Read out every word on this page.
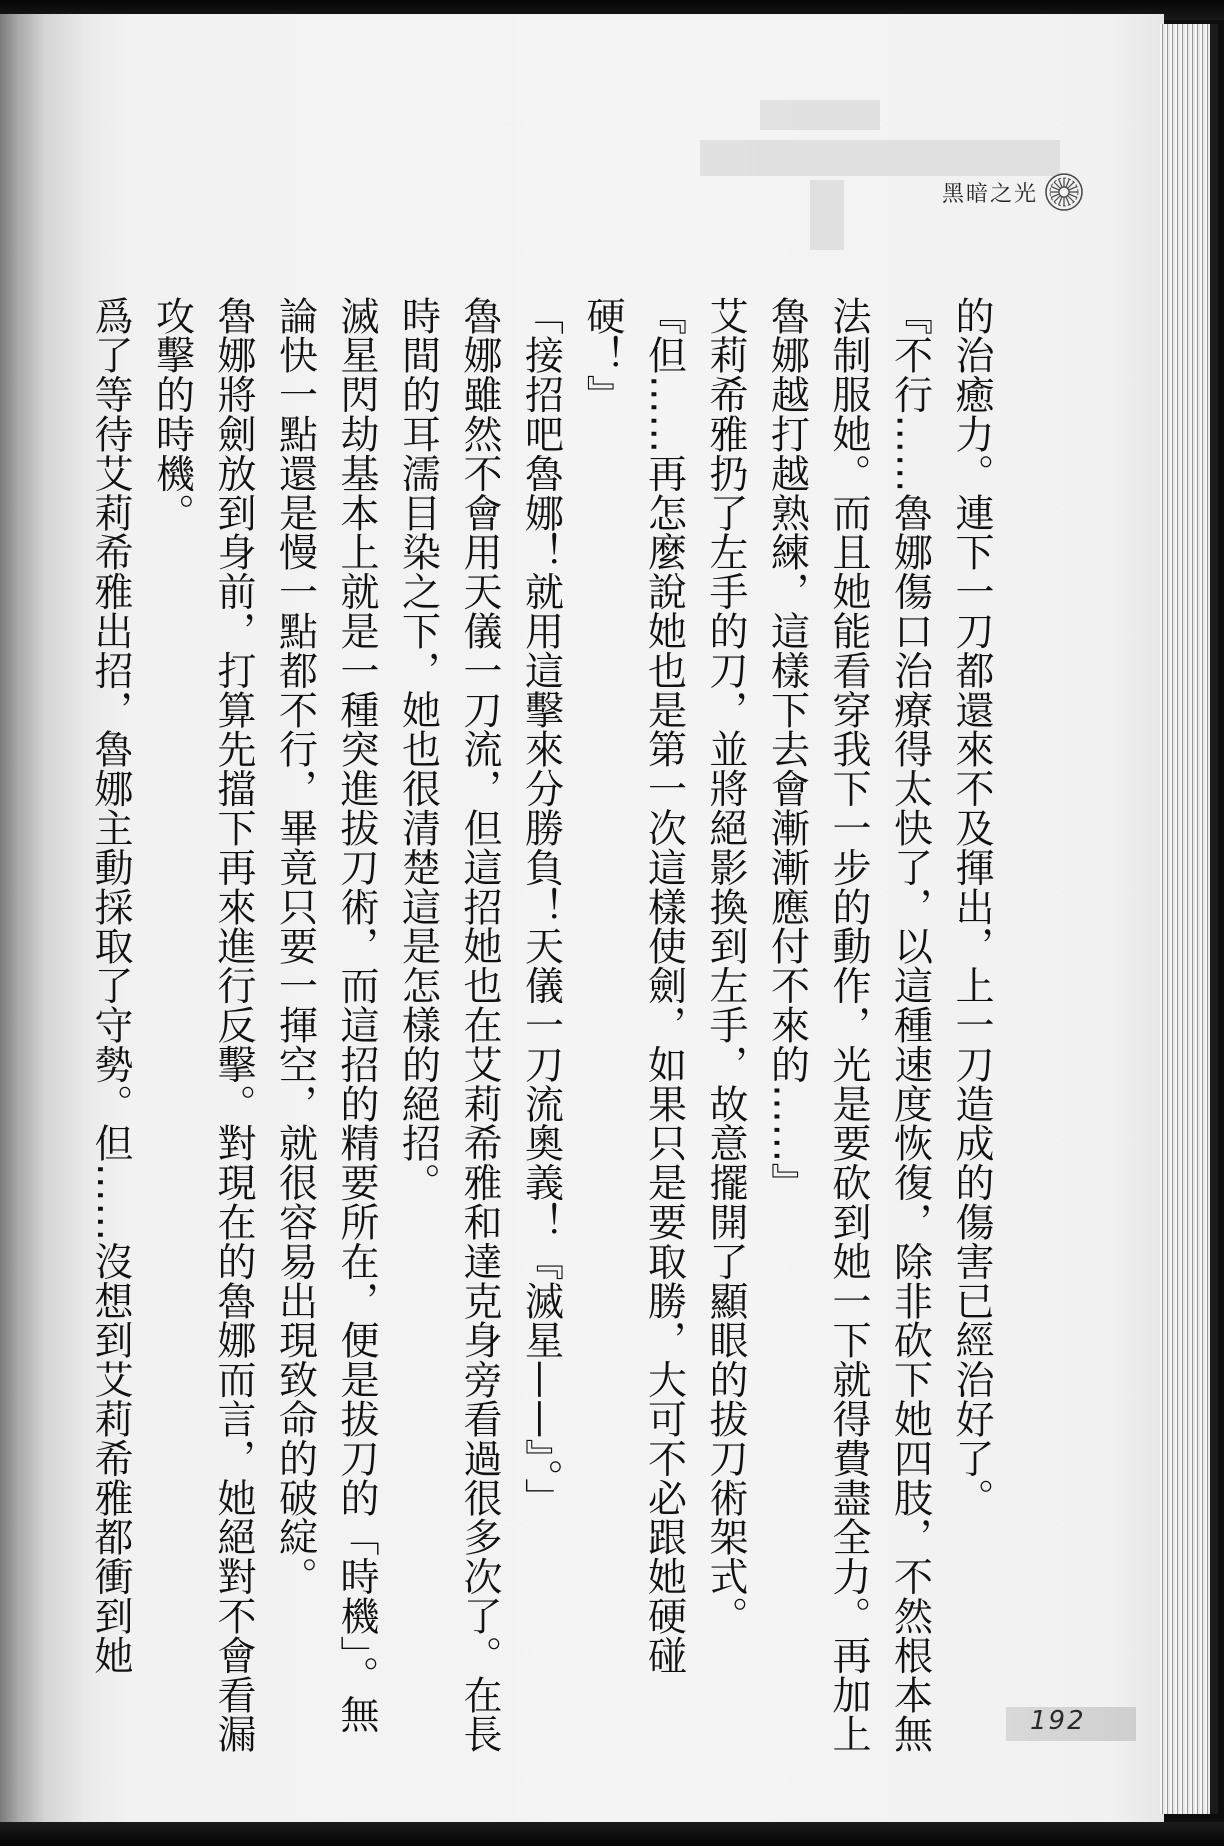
黑暗之光

的治癒力。連下一刀都還來不及揮出，上一刀造成的傷害已經治好了。

『不行……魯娜傷口治療得太快了，以這種速度恢復，除非砍下她四肢，不然根本無法制服她。而且她能看穿我下一步的動作，光是要砍到她一下就得費盡全力。再加上魯娜越打越熟練，這樣下去會漸漸應付不來的……』

艾莉希雅扔了左手的刀，並將絕影換到左手，故意擺開了顯眼的拔刀術架式。

『但……再怎麼說她也是第一次這樣使劍，如果只是要取勝，大可不必跟她硬碰硬！』

「接招吧魯娜！就用這擊來分勝負！天儀一刀流奧義！『滅星——』。」

魯娜雖然不會用天儀一刀流，但這招她也在艾莉希雅和達克身旁看過很多次了。在長時間的耳濡目染之下，她也很清楚這是怎樣的絕招。

滅星閃劫基本上就是一種突進拔刀術，而這招的精要所在，便是拔刀的「時機」。無論快一點還是慢一點都不行，畢竟只要一揮空，就很容易出現致命的破綻。

魯娜將劍放到身前，打算先擋下再來進行反擊。對現在的魯娜而言，她絕對不會看漏攻擊的時機。

爲了等待艾莉希雅出招，魯娜主動採取了守勢。但……沒想到艾莉希雅都衝到她

192
